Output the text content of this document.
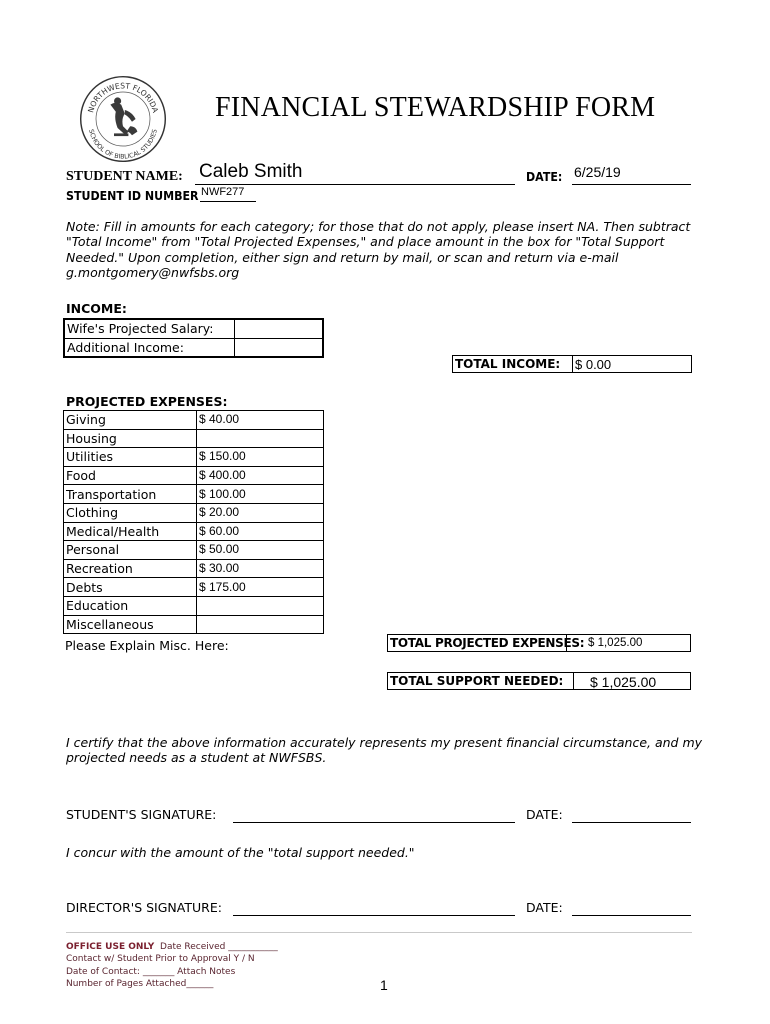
NORTHWEST FLORIDA
SCHOOL OF BIBLICAL STUDIES
FINANCIAL STEWARDSHIP FORM
STUDENT NAME: Caleb Smith	DATE: 6/25/19
STUDENT ID NUMBER NWF277
Note: Fill in amounts for each category; for those that do not apply, please insert NA. Then subtract "Total Income" from "Total Projected Expenses," and place amount in the box for "Total Support Needed." Upon completion, either sign and return by mail, or scan and return via e-mail g.montgomery@nwfsbs.org
INCOME:
Wife's Projected Salary:	
Additional Income:	
TOTAL INCOME: $ 0.00
PROJECTED EXPENSES:
Giving	$ 40.00
Housing	
Utilities	$ 150.00
Food	$ 400.00
Transportation	$ 100.00
Clothing	$ 20.00
Medical/Health	$ 60.00
Personal	$ 50.00
Recreation	$ 30.00
Debts	$ 175.00
Education	
Miscellaneous	
Please Explain Misc. Here:	TOTAL PROJECTED EXPENSES: $ 1,025.00
TOTAL SUPPORT NEEDED: $ 1,025.00
I certify that the above information accurately represents my present financial circumstance, and my projected needs as a student at NWFSBS.
STUDENT'S SIGNATURE:	DATE:
I concur with the amount of the "total support needed."
DIRECTOR'S SIGNATURE:	DATE:
OFFICE USE ONLY Date Received ___________
Contact w/ Student Prior to Approval Y / N
Date of Contact: _______ Attach Notes
Number of Pages Attached______	1
